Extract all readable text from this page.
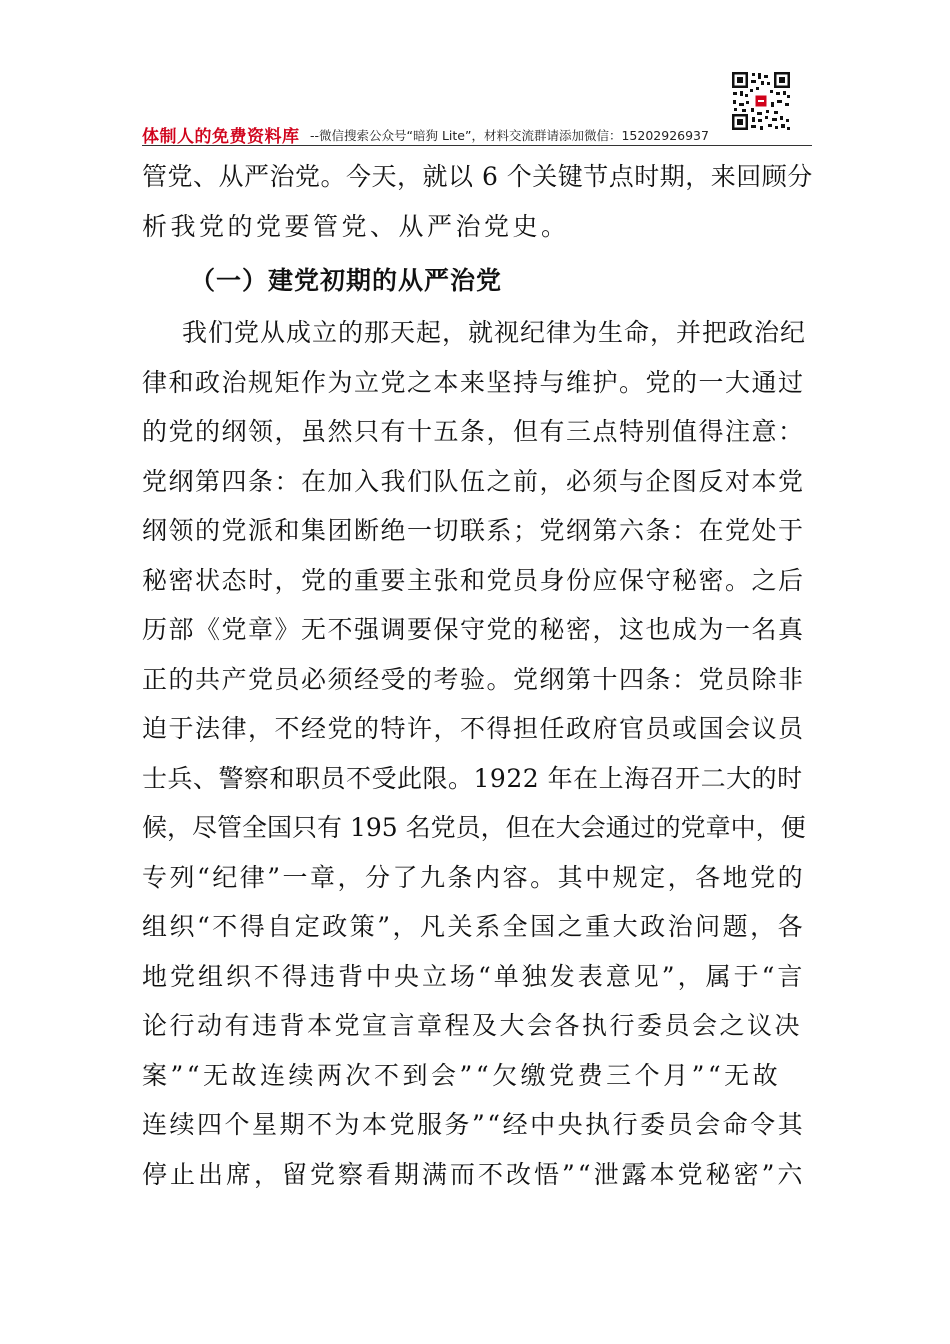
体制人的免费资料库 --微信搜索公众号“暗狗 Lite”，材料交流群请添加微信：15202926937
管党、从严治党。今天，就以 6 个关键节点时期，来回顾分
析我党的党要管党、从严治党史。
（一）建党初期的从严治党
我们党从成立的那天起，就视纪律为生命，并把政治纪
律和政治规矩作为立党之本来坚持与维护。党的一大通过
的党的纲领，虽然只有十五条，但有三点特别值得注意：
党纲第四条：在加入我们队伍之前，必须与企图反对本党
纲领的党派和集团断绝一切联系；党纲第六条：在党处于
秘密状态时，党的重要主张和党员身份应保守秘密。之后
历部《党章》无不强调要保守党的秘密，这也成为一名真
正的共产党员必须经受的考验。党纲第十四条：党员除非
迫于法律，不经党的特许，不得担任政府官员或国会议员
士兵、警察和职员不受此限。1922 年在上海召开二大的时
候，尽管全国只有 195 名党员，但在大会通过的党章中，便
专列“纪律”一章，分了九条内容。其中规定，各地党的
组织“不得自定政策”，凡关系全国之重大政治问题，各
地党组织不得违背中央立场“单独发表意见”，属于“言
论行动有违背本党宣言章程及大会各执行委员会之议决
案”“无故连续两次不到会”“欠缴党费三个月”“无故
连续四个星期不为本党服务”“经中央执行委员会命令其
停止出席，留党察看期满而不改悟”“泄露本党秘密”六
